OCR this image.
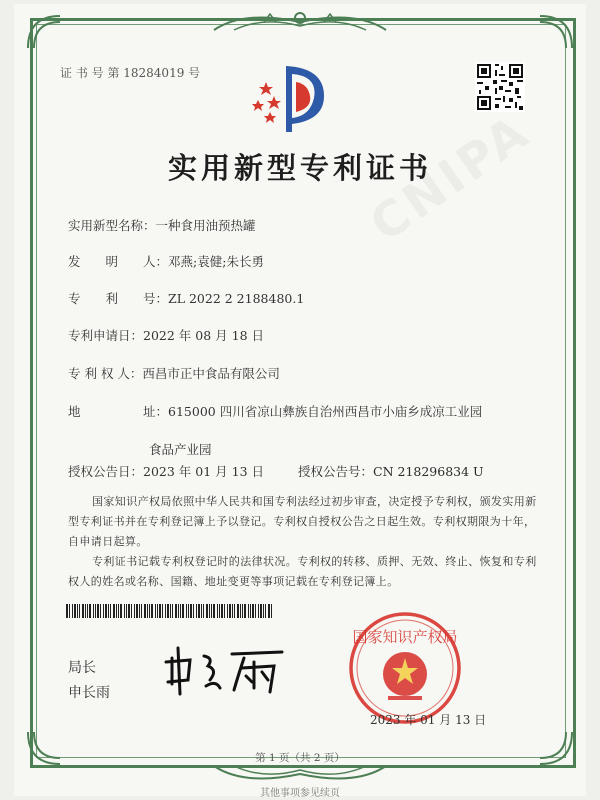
证 书 号 第 18284019 号
实用新型专利证书
实用新型名称：一种食用油预热罐
发　　明　　人：邓燕;袁健;朱长勇
专　　利　　号：ZL 2022 2 2188480.1
专利申请日：2022 年 08 月 18 日
专 利 权 人：西昌市正中食品有限公司
地　　　　　址：615000 四川省凉山彝族自治州西昌市小庙乡成凉工业园
食品产业园
授权公告日：2023 年 01 月 13 日	授权公告号：CN 218296834 U
国家知识产权局依照中华人民共和国专利法经过初步审查，决定授予专利权，颁发实用新型专利证书并在专利登记簿上予以登记。专利权自授权公告之日起生效。专利权期限为十年，自申请日起算。
专利证书记载专利权登记时的法律状况。专利权的转移、质押、无效、终止、恢复和专利权人的姓名或名称、国籍、地址变更等事项记载在专利登记簿上。
局长
申长雨
国家知识产权局
2023 年 01 月 13 日
第 1 页（共 2 页）
其他事项参见续页
